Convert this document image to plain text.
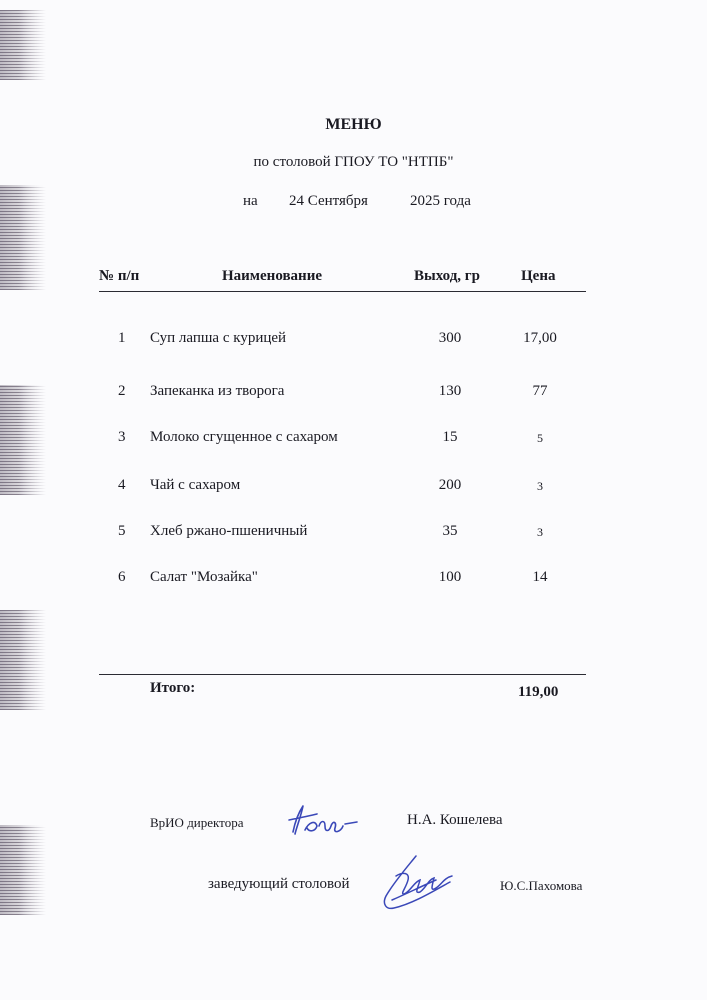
МЕНЮ
по столовой ГПОУ ТО "НТПБ"
на 24 Сентября	2025 года
№ п/п	Наименование	Выход, гр	Цена
1 Суп лапша с курицей	300	17,00
2 Запеканка из творога	130	77
3 Молоко сгущенное с сахаром	15	5
4 Чай с сахаром	200	3
5 Хлеб ржано-пшеничный	35	3
6 Салат "Мозайка"	100	14
Итого:	119,00
ВрИО директора	Н.А. Кошелева
заведующий столовой	Ю.С.Пахомова
